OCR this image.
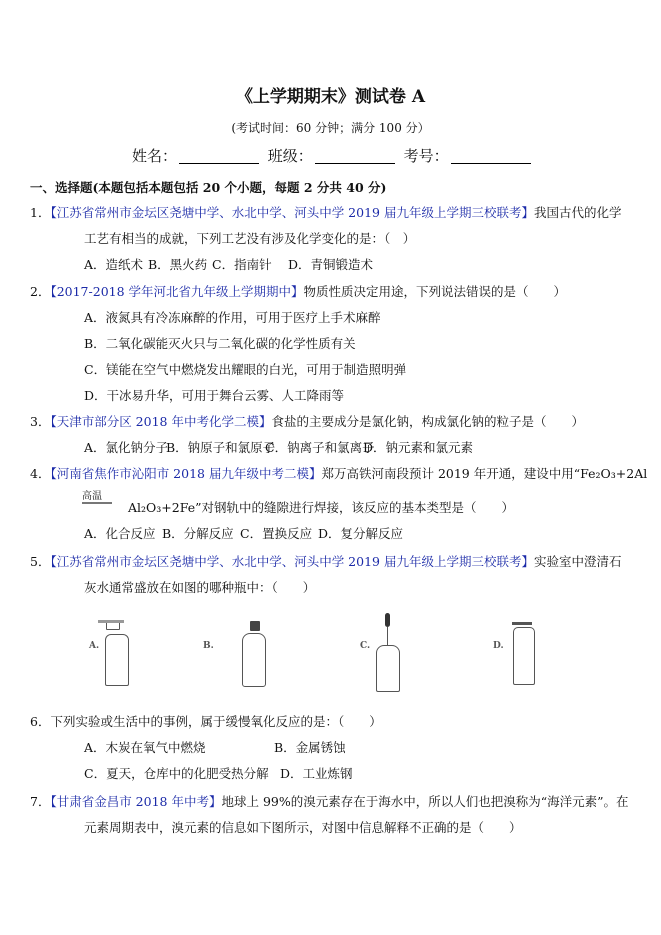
《上学期期末》测试卷 A
(考试时间：60 分钟；满分 100 分）
姓名：	班级：	考号：
一、选择题(本题包括本题包括 20 个小题，每题 2 分共 40 分)
1．【江苏省常州市金坛区尧塘中学、水北中学、河头中学 2019 届九年级上学期三校联考】我国古代的化学
工艺有相当的成就，下列工艺没有涉及化学变化的是：（　）
A．造纸术 B．黑火药 C．指南针 D．青铜锻造术
2．【2017-2018 学年河北省九年级上学期期中】物质性质决定用途，下列说法错误的是（　　）
A．液氮具有冷冻麻醉的作用，可用于医疗上手术麻醉
B．二氧化碳能灭火只与二氧化碳的化学性质有关
C．镁能在空气中燃烧发出耀眼的白光，可用于制造照明弹
D．干冰易升华，可用于舞台云雾、人工降雨等
3．【天津市部分区 2018 年中考化学二模】食盐的主要成分是氯化钠，构成氯化钠的粒子是（　　）
A．氯化钠分子B．钠原子和氯原子C．钠离子和氯离子D．钠元素和氯元素
4．【河南省焦作市沁阳市 2018 届九年级中考二模】郑万高铁河南段预计 2019 年开通，建设中用“Fe₂O₃+2Al
高温
Al₂O₃+2Fe”对钢轨中的缝隙进行焊接，该反应的基本类型是（　　）
A．化合反应 B．分解反应 C．置换反应 D．复分解反应
5．【江苏省常州市金坛区尧塘中学、水北中学、河头中学 2019 届九年级上学期三校联考】实验室中澄清石
灰水通常盛放在如图的哪种瓶中：（　　）
A.	B.	C.	D.
6．下列实验或生活中的事例，属于缓慢氧化反应的是：（　　）
A．木炭在氧气中燃烧	B．金属锈蚀
C．夏天，仓库中的化肥受热分解 D．工业炼钢
7．【甘肃省金昌市 2018 年中考】地球上 99%的溴元素存在于海水中，所以人们也把溴称为“海洋元素”。在
元素周期表中，溴元素的信息如下图所示，对图中信息解释不正确的是（　　）
